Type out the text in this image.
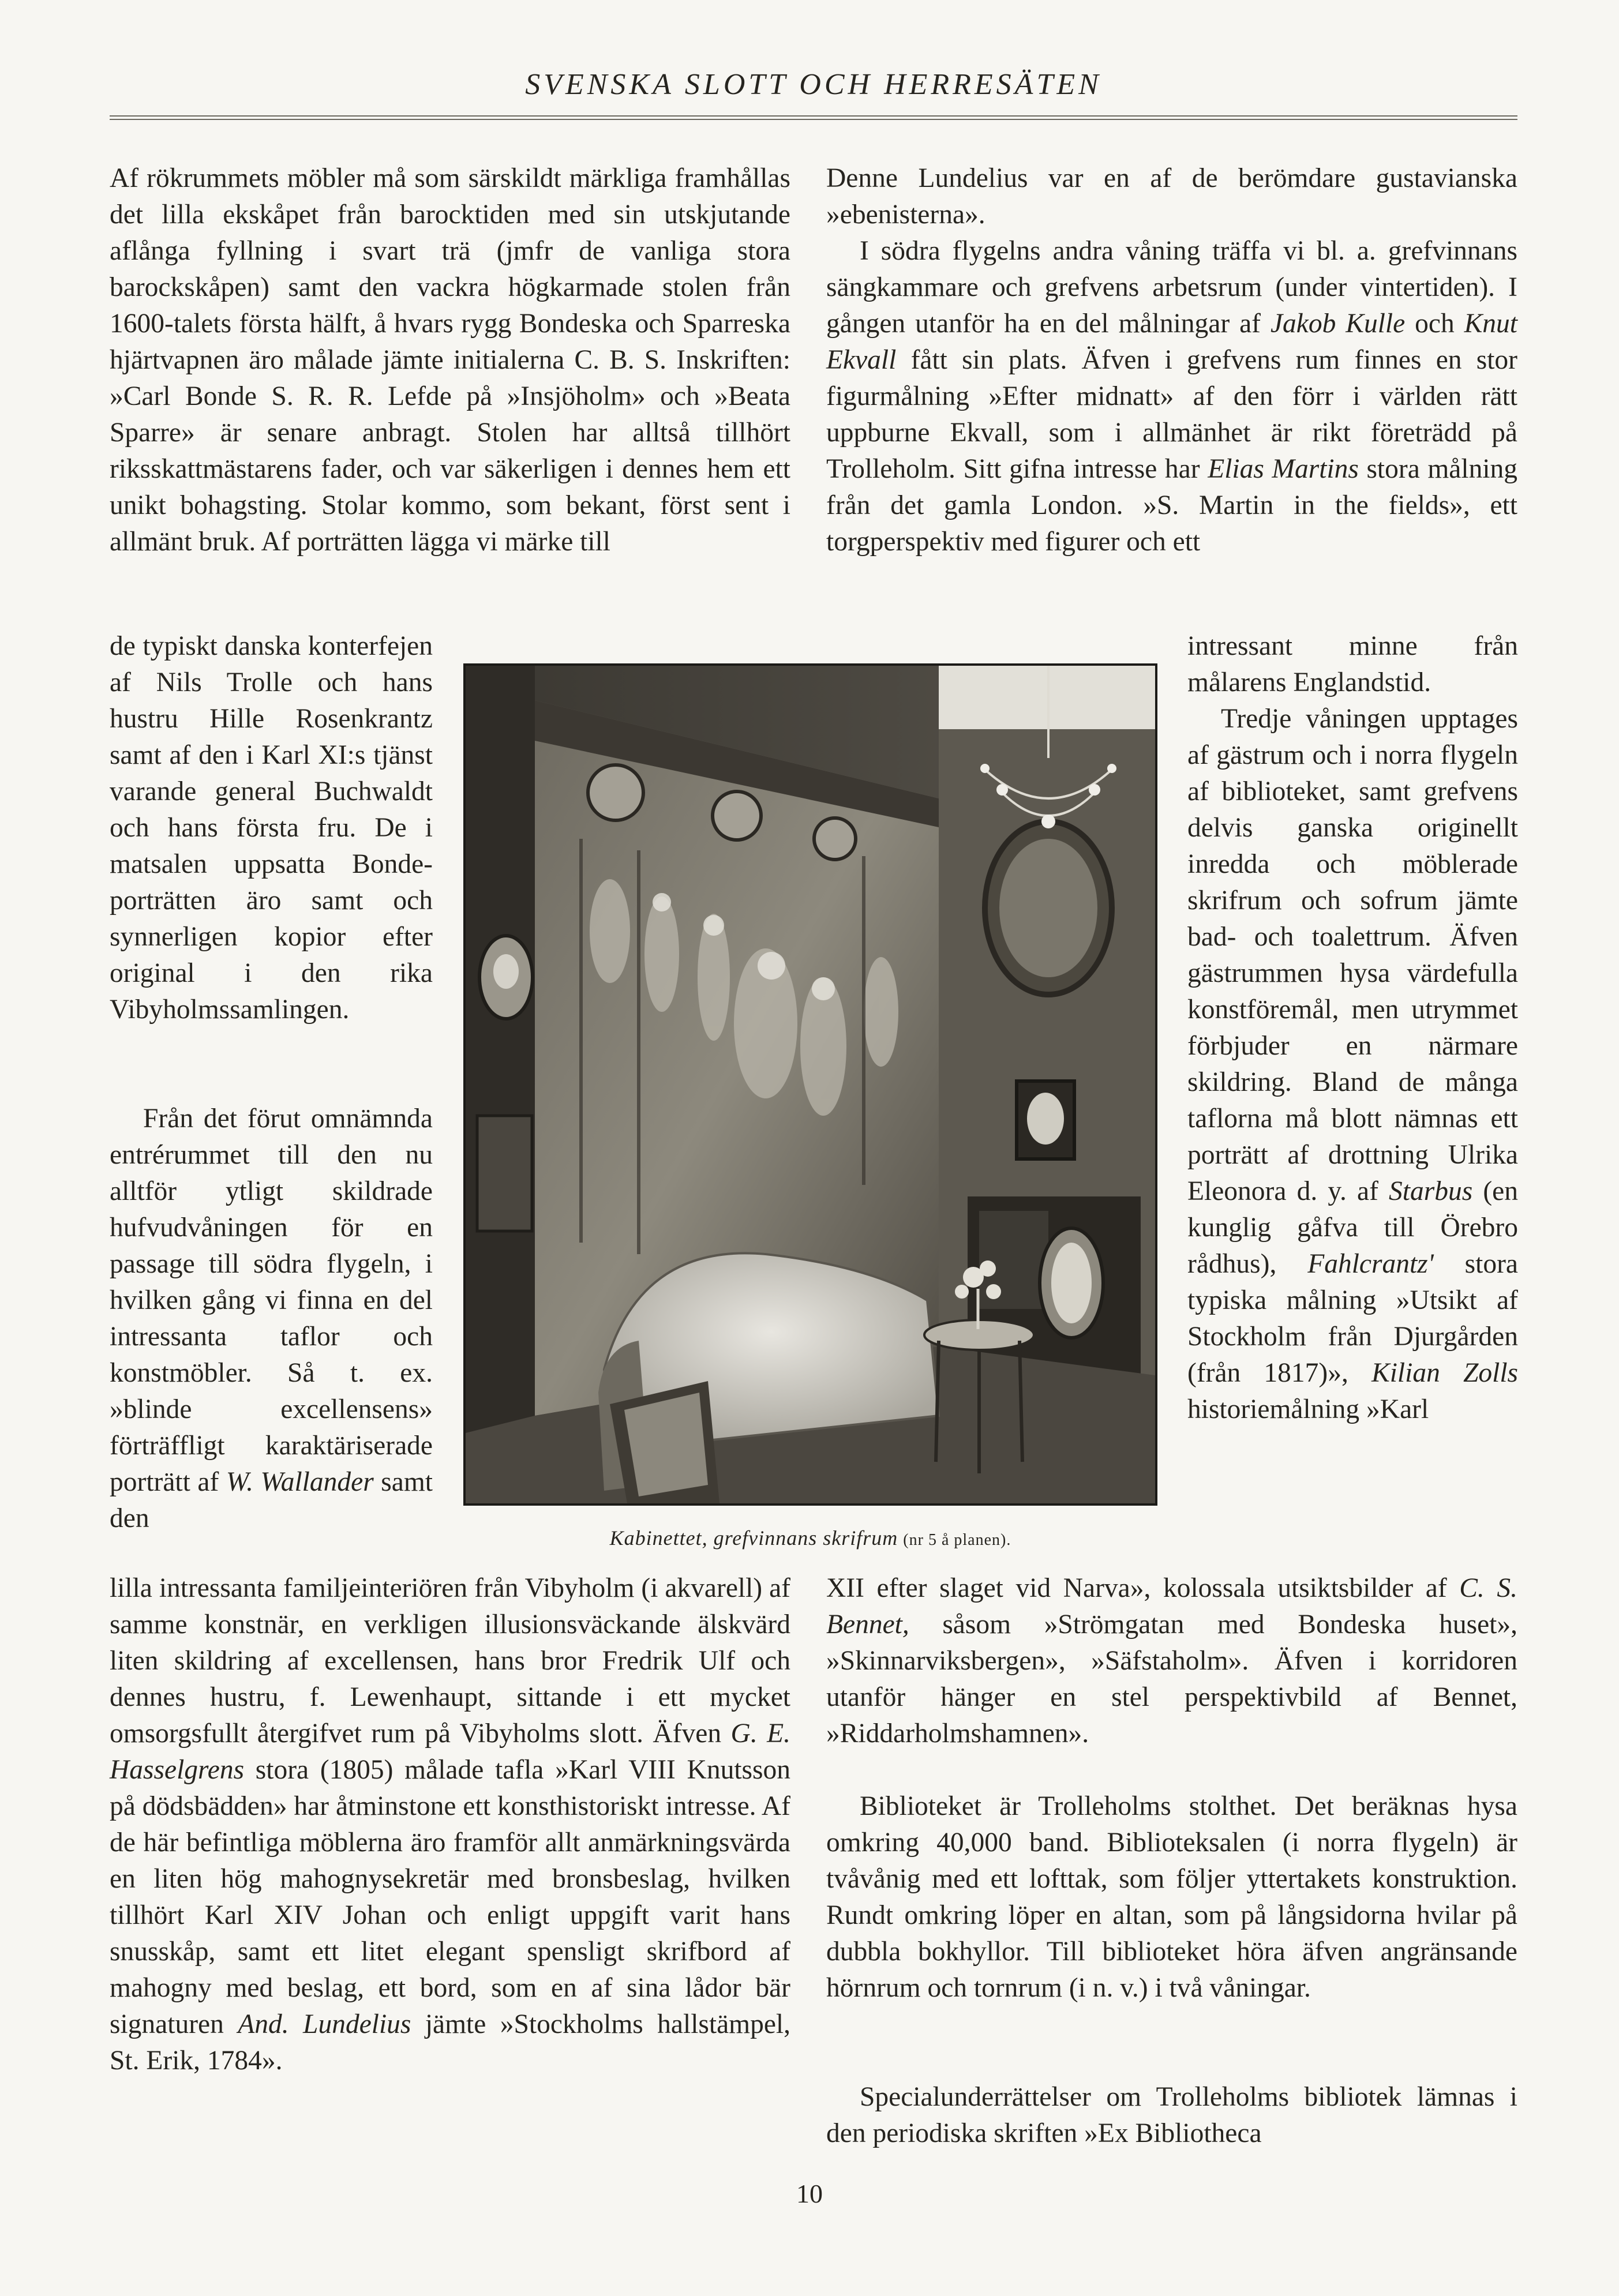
SVENSKA SLOTT OCH HERRESÄTEN

Af rökrummets möbler må som särskildt märkliga framhållas det lilla ekskåpet från barocktiden med sin utskjutande aflånga fyllning i svart trä (jmfr de vanliga stora barockskåpen) samt den vackra högkarmade stolen från 1600-talets första hälft, å hvars rygg Bondeska och Sparreska hjärtvapnen äro målade jämte initialerna C. B. S. Inskriften: »Carl Bonde S. R. R. Lefde på »Insjöholm» och »Beata Sparre» är senare anbragt. Stolen har alltså tillhört riksskattmästarens fader, och var säkerligen i dennes hem ett unikt bohagsting. Stolar kommo, som bekant, först sent i allmänt bruk. Af porträtten lägga vi märke till

de typiskt danska konterfejen af Nils Trolle och hans hustru Hille Rosenkrantz samt af den i Karl XI:s tjänst varande general Buchwaldt och hans första fru. De i matsalen uppsatta Bonde-porträtten äro samt och synnerligen kopior efter original i den rika Vibyholmssamlingen.

Från det förut omnämnda entrérummet till den nu alltför ytligt skildrade hufvudvåningen för en passage till södra flygeln, i hvilken gång vi finna en del intressanta taflor och konstmöbler. Så t. ex. »blinde excellensens» förträffligt karaktäriserade porträtt af W. Wallander samt den

lilla intressanta familjeinteriören från Vibyholm (i akvarell) af samme konstnär, en verkligen illusionsväckande älskvärd liten skildring af excellensen, hans bror Fredrik Ulf och dennes hustru, f. Lewenhaupt, sittande i ett mycket omsorgsfullt återgifvet rum på Vibyholms slott. Äfven G. E. Hasselgrens stora (1805) målade tafla »Karl VIII Knutsson på dödsbädden» har åtminstone ett konsthistoriskt intresse. Af de här befintliga möblerna äro framför allt anmärkningsvärda en liten hög mahognysekretär med bronsbeslag, hvilken tillhört Karl XIV Johan och enligt uppgift varit hans snusskåp, samt ett litet elegant spensligt skrifbord af mahogny med beslag, ett bord, som en af sina lådor bär signaturen And. Lundelius jämte »Stockholms hallstämpel, St. Erik, 1784».

Denne Lundelius var en af de berömdare gustavianska »ebenisterna».

I södra flygelns andra våning träffa vi bl. a. grefvinnans sängkammare och grefvens arbetsrum (under vintertiden). I gången utanför ha en del målningar af Jakob Kulle och Knut Ekvall fått sin plats. Äfven i grefvens rum finnes en stor figurmålning »Efter midnatt» af den förr i världen rätt uppburne Ekvall, som i allmänhet är rikt företrädd på Trolleholm. Sitt gifna intresse har Elias Martins stora målning från det gamla London. »S. Martin in the fields», ett torgperspektiv med figurer och ett

intressant minne från målarens Englandstid.

Tredje våningen upptages af gästrum och i norra flygeln af biblioteket, samt grefvens delvis ganska originellt inredda och möblerade skrifrum och sofrum jämte bad- och toalettrum. Äfven gästrummen hysa värdefulla konstföremål, men utrymmet förbjuder en närmare skildring. Bland de många taflorna må blott nämnas ett porträtt af drottning Ulrika Eleonora d. y. af Starbus (en kunglig gåfva till Örebro rådhus), Fahlcrantz' stora typiska målning »Utsikt af Stockholm från Djurgården (från 1817)», Kilian Zolls historiemålning »Karl

XII efter slaget vid Narva», kolossala utsiktsbilder af C. S. Bennet, såsom »Strömgatan med Bondeska huset», »Skinnarviksbergen», »Säfstaholm». Äfven i korridoren utanför hänger en stel perspektivbild af Bennet, »Riddarholmshamnen».

Biblioteket är Trolleholms stolthet. Det beräknas hysa omkring 40,000 band. Biblioteksalen (i norra flygeln) är tvåvånig med ett lofttak, som följer yttertakets konstruktion. Rundt omkring löper en altan, som på långsidorna hvilar på dubbla bokhyllor. Till biblioteket höra äfven angränsande hörnrum och tornrum (i n. v.) i två våningar.

Specialunderrättelser om Trolleholms bibliotek lämnas i den periodiska skriften »Ex Bibliotheca

Kabinettet, grefvinnans skrifrum (nr 5 å planen).
10
